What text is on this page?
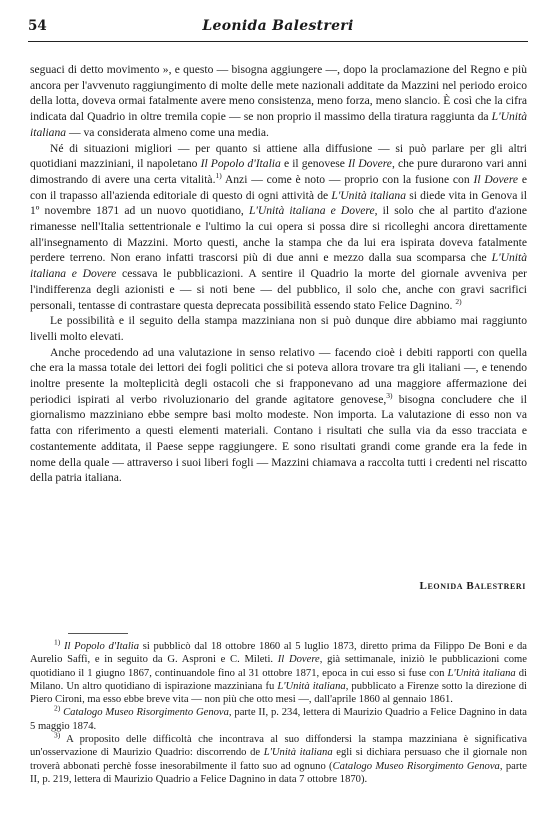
54	Leonida Balestreri

seguaci di detto movimento », e questo — bisogna aggiungere —, dopo la proclamazione del Regno e più ancora per l'avvenuto raggiungimento di molte delle mete nazionali additate da Mazzini nel periodo eroico della lotta, doveva ormai fatalmente avere meno consistenza, meno forza, meno slancio. È così che la cifra indicata dal Quadrio in oltre tremila copie — se non proprio il massimo della tiratura raggiunta da L'Unità italiana — va considerata almeno come una media.

Né di situazioni migliori — per quanto si attiene alla diffusione — si può parlare per gli altri quotidiani mazziniani, il napoletano Il Popolo d'Italia e il genovese Il Dovere, che pure durarono vari anni dimostrando di avere una certa vitalità.$^{1)}$ Anzi — come è noto — proprio con la fusione con Il Dovere e con il trapasso all'azienda editoriale di questo di ogni attività de L'Unità italiana si diede vita in Genova il 1º novembre 1871 ad un nuovo quotidiano, L'Unità italiana e Dovere, il solo che al partito d'azione rimanesse nell'Italia settentrionale e l'ultimo la cui opera si possa dire si ricolleghi ancora direttamente all'insegnamento di Mazzini. Morto questi, anche la stampa che da lui era ispirata doveva fatalmente perdere terreno. Non erano infatti trascorsi più di due anni e mezzo dalla sua scomparsa che L'Unità italiana e Dovere cessava le pubblicazioni. A sentire il Quadrio la morte del giornale avveniva per l'indifferenza degli azionisti e — si noti bene — del pubblico, il solo che, anche con gravi sacrifici personali, tentasse di contrastare questa deprecata possibilità essendo stato Felice Dagnino. $^{2)}$

Le possibilità e il seguito della stampa mazziniana non si può dunque dire abbiamo mai raggiunto livelli molto elevati.

Anche procedendo ad una valutazione in senso relativo — facendo cioè i debiti rapporti con quella che era la massa totale dei lettori dei fogli politici che si poteva allora trovare tra gli italiani —, e tenendo inoltre presente la molteplicità degli ostacoli che si frapponevano ad una maggiore affermazione dei periodici ispirati al verbo rivoluzionario del grande agitatore genovese,$^{3)}$ bisogna concludere che il giornalismo mazziniano ebbe sempre basi molto modeste. Non importa. La valutazione di esso non va fatta con riferimento a questi elementi materiali. Contano i risultati che sulla via da esso tracciata e costantemente additata, il Paese seppe raggiungere. E sono risultati grandi come grande era la fede in nome della quale — attraverso i suoi liberi fogli — Mazzini chiamava a raccolta tutti i credenti nel riscatto della patria italiana.

Leonida Balestreri

$^{1)}$ Il Popolo d'Italia si pubblicò dal 18 ottobre 1860 al 5 luglio 1873, diretto prima da Filippo De Boni e da Aurelio Saffi, e in seguito da G. Asproni e C. Mileti. Il Dovere, già settimanale, iniziò le pubblicazioni come quotidiano il 1 giugno 1867, continuandole fino al 31 ottobre 1871, epoca in cui esso si fuse con L'Unità italiana di Milano. Un altro quotidiano di ispirazione mazziniana fu L'Unità italiana, pubblicato a Firenze sotto la direzione di Piero Cironi, ma esso ebbe breve vita — non più che otto mesi —, dall'aprile 1860 al gennaio 1861.

$^{2)}$ Catalogo Museo Risorgimento Genova, parte II, p. 234, lettera di Maurizio Quadrio a Felice Dagnino in data 5 maggio 1874.

$^{3)}$ A proposito delle difficoltà che incontrava al suo diffondersi la stampa mazziniana è significativa un'osservazione di Maurizio Quadrio: discorrendo de L'Unità italiana egli si dichiara persuaso che il giornale non troverà abbonati perchè fosse inesorabilmente il fatto suo ad ognuno (Catalogo Museo Risorgimento Genova, parte II, p. 219, lettera di Maurizio Quadrio a Felice Dagnino in data 7 ottobre 1870).
